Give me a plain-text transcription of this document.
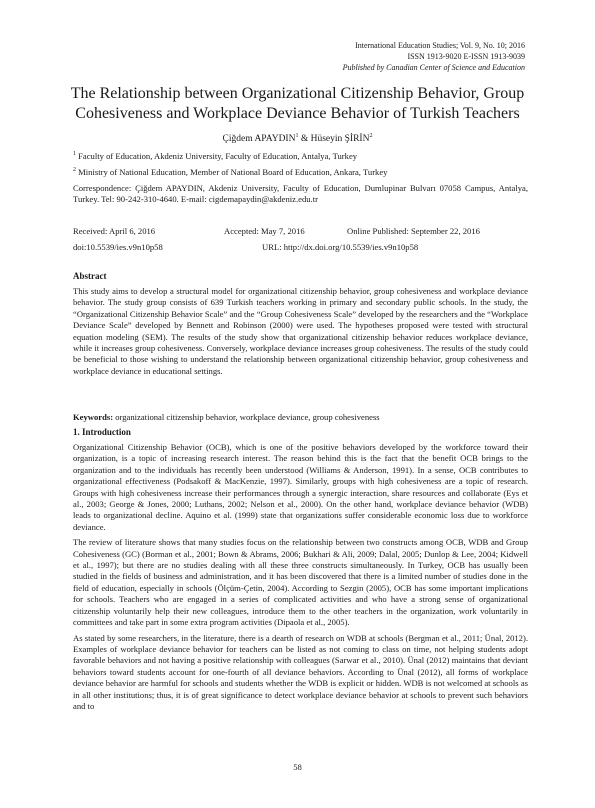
International Education Studies; Vol. 9, No. 10; 2016
ISSN 1913-9020 E-ISSN 1913-9039
Published by Canadian Center of Science and Education
The Relationship between Organizational Citizenship Behavior, Group Cohesiveness and Workplace Deviance Behavior of Turkish Teachers
Çiğdem APAYDIN$^1$ & Hüseyin ŞİRİN$^2$
$^1$ Faculty of Education, Akdeniz University, Faculty of Education, Antalya, Turkey
$^2$ Ministry of National Education, Member of National Board of Education, Ankara, Turkey
Correspondence: Çiğdem APAYDIN, Akdeniz University, Faculty of Education, Dumlupinar Bulvarı 07058 Campus, Antalya, Turkey. Tel: 90-242-310-4640. E-mail: cigdemapaydin@akdeniz.edu.tr
Received: April 6, 2016	Accepted: May 7, 2016	Online Published: September 22, 2016
doi:10.5539/ies.v9n10p58	URL: http://dx.doi.org/10.5539/ies.v9n10p58
Abstract
This study aims to develop a structural model for organizational citizenship behavior, group cohesiveness and workplace deviance behavior. The study group consists of 639 Turkish teachers working in primary and secondary public schools. In the study, the “Organizational Citizenship Behavior Scale” and the “Group Cohesiveness Scale” developed by the researchers and the “Workplace Deviance Scale” developed by Bennett and Robinson (2000) were used. The hypotheses proposed were tested with structural equation modeling (SEM). The results of the study show that organizational citizenship behavior reduces workplace deviance, while it increases group cohesiveness. Conversely, workplace deviance increases group cohesiveness. The results of the study could be beneficial to those wishing to understand the relationship between organizational citizenship behavior, group cohesiveness and workplace deviance in educational settings.
Keywords: organizational citizenship behavior, workplace deviance, group cohesiveness
1. Introduction

Organizational Citizenship Behavior (OCB), which is one of the positive behaviors developed by the workforce toward their organization, is a topic of increasing research interest. The reason behind this is the fact that the benefit OCB brings to the organization and to the individuals has recently been understood (Williams & Anderson, 1991). In a sense, OCB contributes to organizational effectiveness (Podsakoff & MacKenzie, 1997). Similarly, groups with high cohesiveness are a topic of research. Groups with high cohesiveness increase their performances through a synergic interaction, share resources and collaborate (Eys et al., 2003; George & Jones, 2000; Luthans, 2002; Nelson et al., 2000). On the other hand, workplace deviance behavior (WDB) leads to organizational decline. Aquino et al. (1999) state that organizations suffer considerable economic loss due to workforce deviance.

The review of literature shows that many studies focus on the relationship between two constructs among OCB, WDB and Group Cohesiveness (GC) (Borman et al., 2001; Bown & Abrams, 2006; Bukhari & Ali, 2009; Dalal, 2005; Dunlop & Lee, 2004; Kidwell et al., 1997); but there are no studies dealing with all these three constructs simultaneously. In Turkey, OCB has usually been studied in the fields of business and administration, and it has been discovered that there is a limited number of studies done in the field of education, especially in schools (Ölçüm-Çetin, 2004). According to Sezgin (2005), OCB has some important implications for schools. Teachers who are engaged in a series of complicated activities and who have a strong sense of organizational citizenship voluntarily help their new colleagues, introduce them to the other teachers in the organization, work voluntarily in committees and take part in some extra program activities (Dipaola et al., 2005).

As stated by some researchers, in the literature, there is a dearth of research on WDB at schools (Bergman et al., 2011; Ünal, 2012). Examples of workplace deviance behavior for teachers can be listed as not coming to class on time, not helping students adopt favorable behaviors and not having a positive relationship with colleagues (Sarwar et al., 2010). Ünal (2012) maintains that deviant behaviors toward students account for one-fourth of all deviance behaviors. According to Ünal (2012), all forms of workplace deviance behavior are harmful for schools and students whether the WDB is explicit or hidden. WDB is not welcomed at schools as in all other institutions; thus, it is of great significance to detect workplace deviance behavior at schools to prevent such behaviors and to

58
